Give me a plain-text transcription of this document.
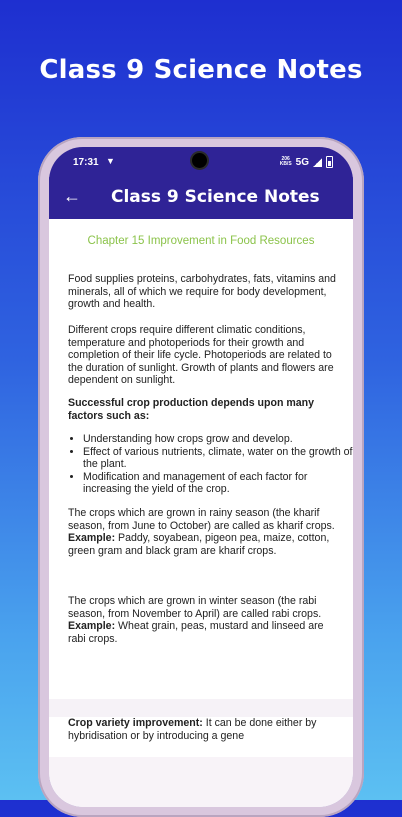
Class 9 Science Notes
17:31 ▼	206
KB/S 5G
← Class 9 Science Notes
Chapter 15 Improvement in Food Resources
Food supplies proteins, carbohydrates, fats, vitamins and minerals, all of which we require for body development, growth and health.
Different crops require different climatic conditions, temperature and photoperiods for their growth and completion of their life cycle. Photoperiods are related to the duration of sunlight. Growth of plants and flowers are dependent on sunlight.
Successful crop production depends upon many factors such as:
• Understanding how crops grow and develop.
• Effect of various nutrients, climate, water on the growth of the plant.
• Modification and management of each factor for increasing the yield of the crop.
The crops which are grown in rainy season (the kharif season, from June to October) are called as kharif crops.
Example: Paddy, soyabean, pigeon pea, maize, cotton, green gram and black gram are kharif crops.
The crops which are grown in winter season (the rabi season, from November to April) are called rabi crops.
Example: Wheat grain, peas, mustard and linseed are rabi crops.
Crop variety improvement: It can be done either by hybridisation or by introducing a gene
